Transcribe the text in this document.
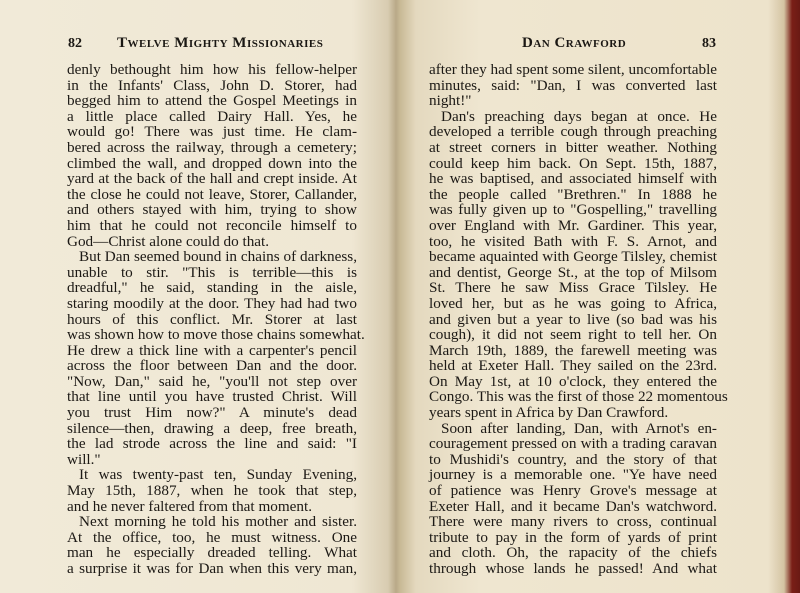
82 Twelve Mighty Missionaries
denly bethought him how his fellow-helper
in the Infants' Class, John D. Storer, had
begged him to attend the Gospel Meetings in
a little place called Dairy Hall. Yes, he
would go! There was just time. He clam-
bered across the railway, through a cemetery;
climbed the wall, and dropped down into the
yard at the back of the hall and crept inside. At
the close he could not leave, Storer, Callander,
and others stayed with him, trying to show
him that he could not reconcile himself to
God—Christ alone could do that.
But Dan seemed bound in chains of darkness,
unable to stir. "This is terrible—this is
dreadful," he said, standing in the aisle,
staring moodily at the door. They had had two
hours of this conflict. Mr. Storer at last
was shown how to move those chains somewhat.
He drew a thick line with a carpenter's pencil
across the floor between Dan and the door.
"Now, Dan," said he, "you'll not step over
that line until you have trusted Christ. Will
you trust Him now?" A minute's dead
silence—then, drawing a deep, free breath,
the lad strode across the line and said: "I
will."
It was twenty-past ten, Sunday Evening,
May 15th, 1887, when he took that step,
and he never faltered from that moment.
Next morning he told his mother and sister.
At the office, too, he must witness. One
man he especially dreaded telling. What
a surprise it was for Dan when this very man,
Dan Crawford	83
after they had spent some silent, uncomfortable
minutes, said: "Dan, I was converted last
night!"
Dan's preaching days began at once. He
developed a terrible cough through preaching
at street corners in bitter weather. Nothing
could keep him back. On Sept. 15th, 1887,
he was baptised, and associated himself with
the people called "Brethren." In 1888 he
was fully given up to "Gospelling," travelling
over England with Mr. Gardiner. This year,
too, he visited Bath with F. S. Arnot, and
became aquainted with George Tilsley, chemist
and dentist, George St., at the top of Milsom
St. There he saw Miss Grace Tilsley. He
loved her, but as he was going to Africa,
and given but a year to live (so bad was his
cough), it did not seem right to tell her. On
March 19th, 1889, the farewell meeting was
held at Exeter Hall. They sailed on the 23rd.
On May 1st, at 10 o'clock, they entered the
Congo. This was the first of those 22 momentous
years spent in Africa by Dan Crawford.
Soon after landing, Dan, with Arnot's en-
couragement pressed on with a trading caravan
to Mushidi's country, and the story of that
journey is a memorable one. "Ye have need
of patience was Henry Grove's message at
Exeter Hall, and it became Dan's watchword.
There were many rivers to cross, continual
tribute to pay in the form of yards of print
and cloth. Oh, the rapacity of the chiefs
through whose lands he passed! And what
